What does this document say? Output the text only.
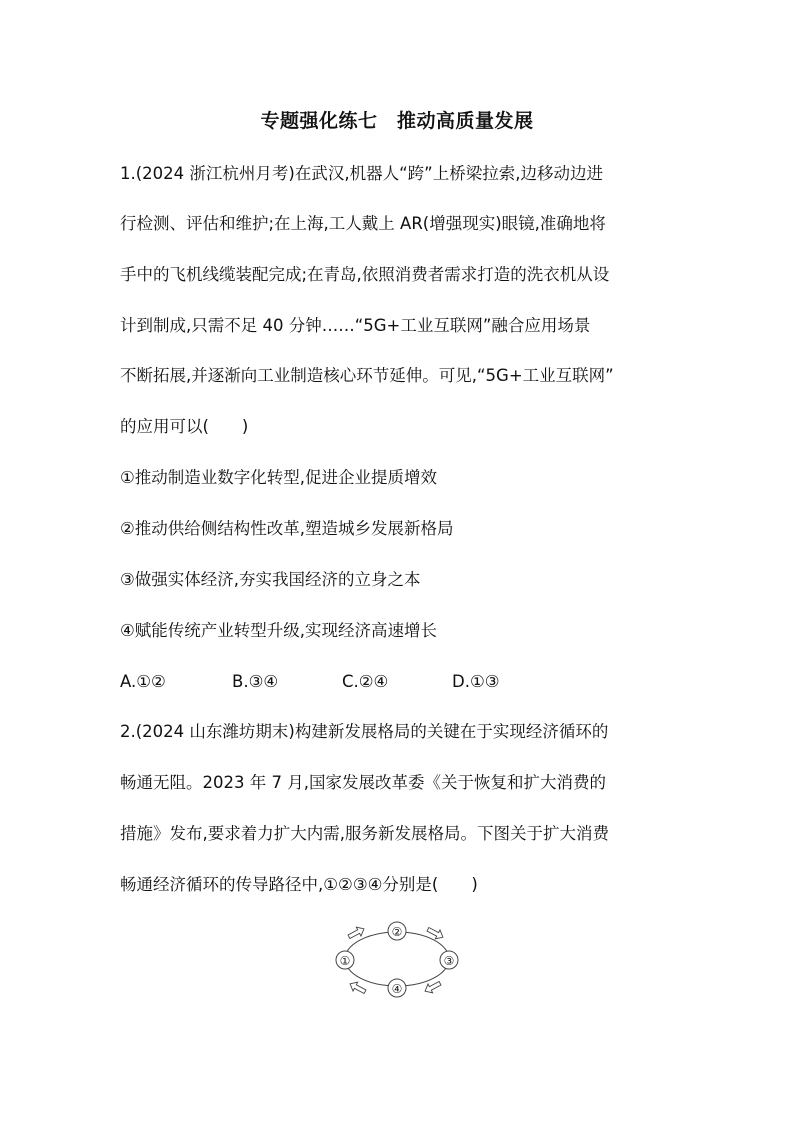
专题强化练七　推动高质量发展
1.(2024 浙江杭州月考)在武汉,机器人“跨”上桥梁拉索,边移动边进
行检测、评估和维护;在上海,工人戴上 AR(增强现实)眼镜,准确地将
手中的飞机线缆装配完成;在青岛,依照消费者需求打造的洗衣机从设
计到制成,只需不足 40 分钟……“5G+工业互联网”融合应用场景
不断拓展,并逐渐向工业制造核心环节延伸。可见,“5G+工业互联网”
的应用可以(　　)
①推动制造业数字化转型,促进企业提质增效
②推动供给侧结构性改革,塑造城乡发展新格局
③做强实体经济,夯实我国经济的立身之本
④赋能传统产业转型升级,实现经济高速增长
A.①②	B.③④	C.②④	D.①③
2.(2024 山东潍坊期末)构建新发展格局的关键在于实现经济循环的
畅通无阻。2023 年 7 月,国家发展改革委《关于恢复和扩大消费的
措施》发布,要求着力扩大内需,服务新发展格局。下图关于扩大消费
畅通经济循环的传导路径中,①②③④分别是(　　)
①
②
③
④
